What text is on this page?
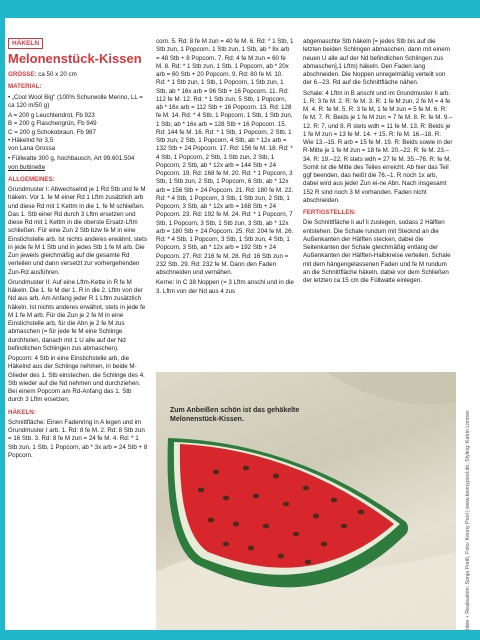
HÄKELN
Melonenstück-Kissen

GRÖSSE: ca 50 x 20 cm

MATERIAL:

• „Cool Wool Big" (100% Schurwolle Merino, LL = ca 120 m/50 g)

A = 200 g Leuchtendrot, Fb 923

B = 200 g Flaschengrün, Fb 949

C = 200 g Schokobraun, Fb 987

• Häkelnd Nr 3,5

von Lana Grossa

• Füllwatte 300 g, hochbausch, Art 99.601.504

von buttinette

ALLGEMEINES:

Grundmuster I: Abwechselnd je 1 Rd Stb und fe M häkeln. Vor 1. fe M einer Rd 1 Lftm zusätzlich arb und diese Rd mit 1 Kettm in die 1. fe M schließen. Das 1. Stb einer Rd durch 3 Lftm ersetzen und diese Rd mit 1 Kettm in die oberste Ersatz-Lftm schließen. Für eine Zun 2 Stb bzw fe M in eine Einstichstelle arb. Ist nichts anderes erwähnt, stets in jede fe M 1 Stb und in jedes Stb 1 fe M arb. Die Zun jeweils gleichmäßig auf die gesamte Rd verteilen und dann versetzt zur vorhergehenden Zun-Rd ausführen.

Grundmuster II: Auf eine Lftm-Kette in R fe M häkeln. Die 1. fe M der 1. R in die 2. Lftm von der Nd aus arb. Am Anfang jeder R 1 Lftm zusätzlich häkeln. Ist nichts anderes erwähnt, stets in jede fe M 1 fe M arb. Für die Zun je 2 fe M in eine Einstichstelle arb, für die Abn je 2 fe M zus abmaschen (= für jede fe M eine Schlinge durchholen, danach mit 1 U alle auf der Nd befindlichen Schlingen zus abmaschen).

Popcorn: 4 Stb in eine Einstichstelle arb, die Häkelnd aus der Schlinge nehmen, in beide M-Glieder des 1. Stb einstechen, die Schlinge des 4. Stb wieder auf die Nd nehmen und durchziehen. Bei einem Popcorn am Rd-Anfang das 1. Stb durch 3 Lftm ersetzen.

HÄKELN:

Schnittfläche: Einen Fadenring in A legen und im Grundmuster I arb. 1. Rd: 8 fe M. 2. Rd: 8 Stb zun = 16 Stb. 3. Rd: 8 fe M zun = 24 fe M. 4. Rd: * 1 Stb zun, 1 Stb, 1 Popcorn, ab * 3x arb = 24 Stb + 8 Popcorn.

corn. 5. Rd: 8 fe M zun = 40 fe M. 6. Rd: * 1 Stb, 1 Stb zun, 1 Popcorn, 1 Stb zun, 1 Stb, ab * 8x arb = 48 Stb + 8 Popcorn. 7. Rd: 4 fe M zun = 60 fe M. 8. Rd: * 1 Stb zun, 1 Stb, 1 Popcorn, ab * 20x arb = 60 Stb + 20 Popcorn. 9. Rd: 80 fe M. 10. Rd: * 1 Stb zun, 1 Stb, 1 Popcorn, 1 Stb zun, 1 Stb, ab * 16x arb = 96 Stb + 16 Popcorn. 11. Rd: 112 fe M. 12. Rd: * 1 Stb zun, 5 Stb, 1 Popcorn, ab * 16x arb = 112 Stb + 16 Popcorn. 13. Rd: 128 fe M. 14. Rd: * 4 Stb, 1 Popcorn, 1 Stb, 1 Stb zun, 1 Stb, ab * 16x arb = 128 Stb + 16 Popcorn. 15. Rd: 144 fe M. 16. Rd: * 1 Stb, 1 Popcorn, 2 Stb, 1 Stb zun, 2 Stb, 1 Popcorn, 4 Stb, ab * 12x arb = 132 Stb + 24 Popcorn. 17. Rd: 156 fe M. 18. Rd: * 4 Stb, 1 Popcorn, 2 Stb, 1 Stb zun, 2 Stb, 1 Popcorn, 2 Stb, ab * 12x arb = 144 Stb + 24 Popcorn. 19. Rd: 168 fe M. 20. Rd: * 1 Popcorn, 3 Stb, 1 Stb zun, 2 Stb, 1 Popcorn, 6 Stb, ab * 12x arb = 156 Stb + 24 Popcorn. 21. Rd: 180 fe M. 22. Rd: * 4 Stb, 1 Popcorn, 3 Stb, 1 Stb zun, 2 Stb, 1 Popcorn, 3 Stb, ab * 12x arb = 168 Stb + 24 Popcorn. 23. Rd: 192 fe M. 24. Rd: * 1 Popcorn, 7 Stb, 1 Popcorn, 3 Stb, 1 Stb zun, 3 Stb, ab * 12x arb = 180 Stb + 24 Popcorn. 25. Rd: 204 fe M. 26. Rd: * 4 Stb, 1 Popcorn, 3 Stb, 1 Stb zun, 4 Stb, 1 Popcorn, 3 Stb, ab * 12x arb = 192 Stb + 24 Popcorn. 27. Rd: 216 fe M. 28. Rd: 16 Stb zun = 232 Stb. 29. Rd: 232 fe M. Dann den Faden abschneiden und vernähen.

Kerne: In C 38 Noppen (= 3 Lftm anschl und in die 3. Lftm von der Nd aus 4 zus

abgemaschte Stb häkeln [= jedes Stb bis auf die letzten beiden Schlingen abmaschen, dann mit einem neuen U alle auf der Nd befindlichen Schlingen zus abmaschen],1 Lftm) häkeln. Den Faden lang abschneiden. Die Noppen unregelmäßig verteilt von der 6.–23. Rd auf die Schnittfläche nähen.

Schale: 4 Lftm in B anschl und im Grundmuster II arb. 1. R: 3 fe M. 2. R: fe M. 3. R: 1 fe M zun, 2 fe M = 4 fe M. 4. R: fe M. 5. R: 3 fe M, 1 fe M zun = 5 fe M. 6. R: fe M. 7. R: Beids je 1 fe M zun = 7 fe M. 8. R: fe M. 9.–12. R: 7, und 8. R stets wdh = 11 fe M. 13. R: Beids je 1 fe M zun = 13 fe M. 14. + 15. R: fe M. 16.–18. R: Wie 13.–15. R arb = 15 fe M. 19. R: Beids sowie in der R-Mitte je 1 fe M zun = 18 fe M. 20.–22. R: fe M. 23.–34. R: 19.–22. R stets wdh = 27 fe M. 35.–76. R: fe M. Somit ist die Mitte des Teiles erreicht. Ab hier das Teil ggf beenden, das heißt die 76.–1. R noch 1x arb, dabei wird aus jeder Zun ei-ne Abn. Nach insgesamt 152 R sind noch 3 M vorhanden. Faden nicht abschneiden.

FERTIGSTELLEN:

Die Schnittfläche li auf li zuslegen, sodass 2 Hälften entstehen. Die Schale rundum mit Stecknd an die Außenkanten der Hälften stecken, dabei die Seitenkanten der Schale gleichmäßig entlang der Außenkanten der Hälften-Halbkreise verteilen. Schale mit dem hängengelassenen Faden und fe M rundum an die Schnittfläche häkeln, dabei vor dem Schließen der letzten ca 15 cm die Füllwatte einlegen.

Zum Anbeißen schön ist das gehäkelte Melonenstück-Kissen.	Idee + Realisation: Sonja Preiß, Foto: Kenny Pool | www.kennypool.de, Styling: Katrin Limmer
